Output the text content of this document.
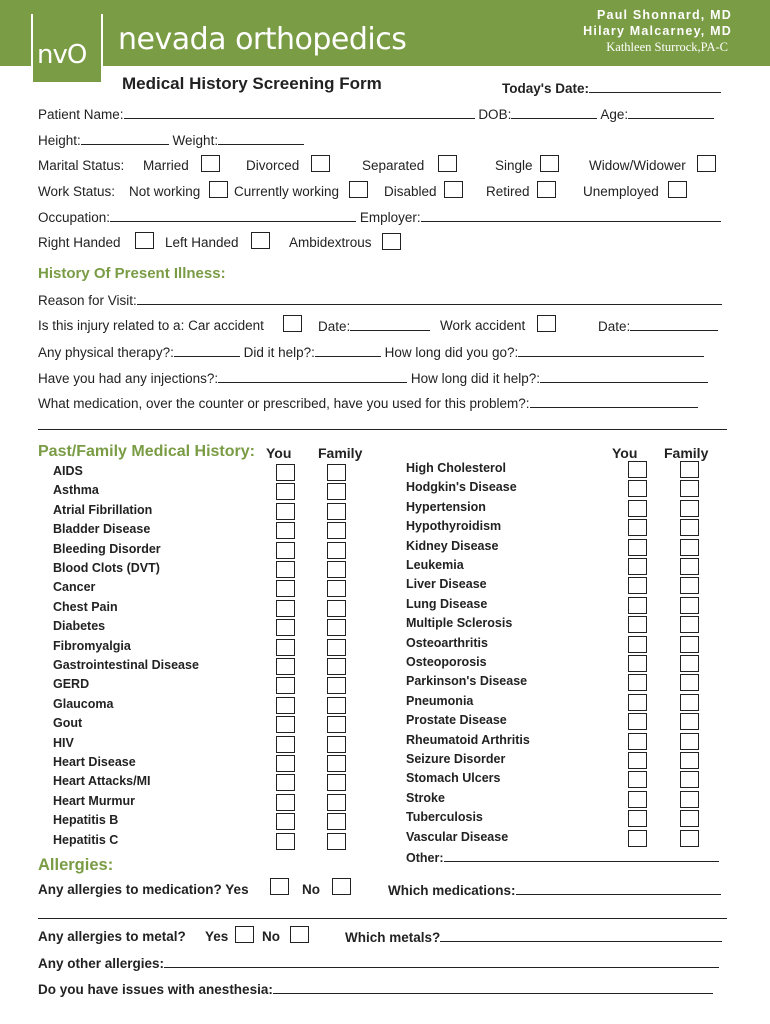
nvO nevada orthopedics
Paul Shonnard, MD
Hilary Malcarney, MD
Kathleen Sturrock,PA-C
Medical History Screening Form	Today's Date:
Patient Name:	DOB:	Age:
Height:	Weight:
Marital Status: Married	Divorced	Separated	Single	Widow/Widower
Work Status: Not working Currently working	Disabled	Retired	Unemployed
Occupation:	Employer:
Right Handed	Left Handed	Ambidextrous
History Of Present Illness:
Reason for Visit:
Is this injury related to a: Car accident	Date:	Work accident	Date:
Any physical therapy?:	Did it help?:	How long did you go?:
Have you had any injections?:	How long did it help?:
What medication, over the counter or prescribed, have you used for this problem?:
Past/Family Medical History: You Family	You Family
AIDS
Asthma
Atrial Fibrillation
Bladder Disease
Bleeding Disorder
Blood Clots (DVT)
Cancer
Chest Pain
Diabetes
Fibromyalgia
Gastrointestinal Disease
GERD
Glaucoma
Gout
HIV
Heart Disease
Heart Attacks/MI
Heart Murmur
Hepatitis B
Hepatitis C
High Cholesterol
Hodgkin's Disease
Hypertension
Hypothyroidism
Kidney Disease
Leukemia
Liver Disease
Lung Disease
Multiple Sclerosis
Osteoarthritis
Osteoporosis
Parkinson's Disease
Pneumonia
Prostate Disease
Rheumatoid Arthritis
Seizure Disorder
Stomach Ulcers
Stroke
Tuberculosis
Vascular Disease
Other:
Allergies:
Any allergies to medication? Yes	No	Which medications:
Any allergies to metal? Yes No	Which metals?
Any other allergies:
Do you have issues with anesthesia:
